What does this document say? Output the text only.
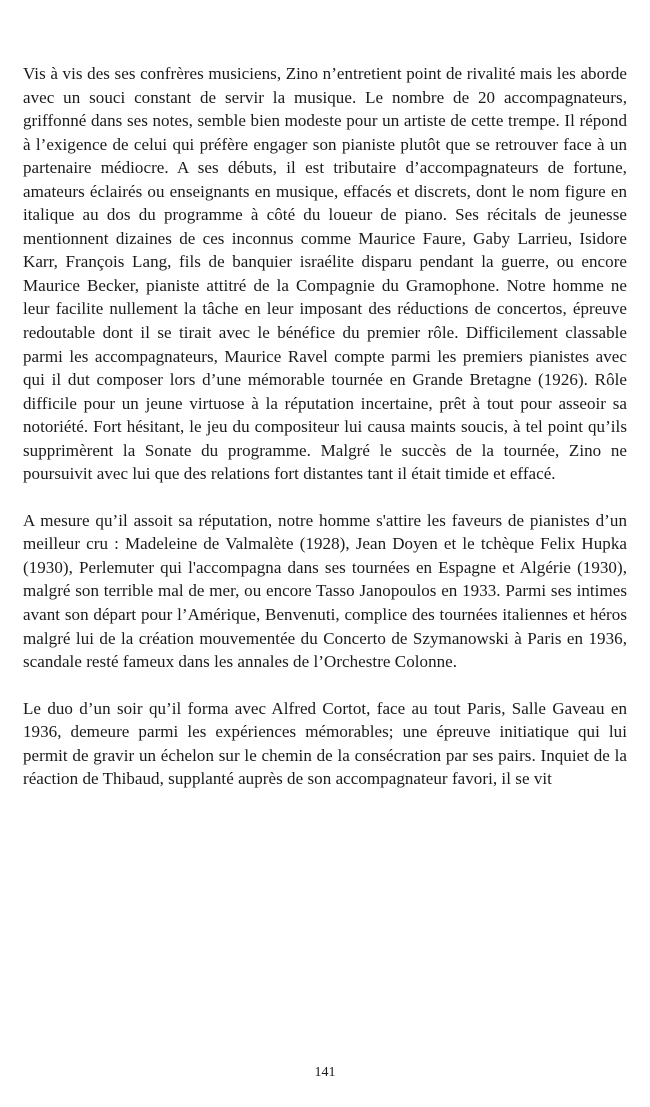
Vis à vis des ses confrères musiciens, Zino n’entretient point de rivalité mais les aborde avec un souci constant de servir la musique. Le nombre de 20 accompagnateurs, griffonné dans ses notes, semble bien modeste pour un artiste de cette trempe. Il répond à l’exigence de celui qui préfère engager son pianiste plutôt que se retrouver face à un partenaire médiocre. A ses débuts, il est tributaire d’accompagnateurs de fortune, amateurs éclairés ou enseignants en musique, effacés et discrets, dont le nom figure en italique au dos du programme à côté du loueur de piano. Ses récitals de jeunesse mentionnent dizaines de ces inconnus comme Maurice Faure, Gaby Larrieu, Isidore Karr, François Lang, fils de banquier israélite disparu pendant la guerre, ou encore Maurice Becker, pianiste attitré de la Compagnie du Gramophone. Notre homme ne leur facilite nullement la tâche en leur imposant des réductions de concertos, épreuve redoutable dont il se tirait avec le bénéfice du premier rôle. Difficilement classable parmi les accompagnateurs, Maurice Ravel compte parmi les premiers pianistes avec qui il dut composer lors d’une mémorable tournée en Grande Bretagne (1926). Rôle difficile pour un jeune virtuose à la réputation incertaine, prêt à tout pour asseoir sa notoriété. Fort hésitant, le jeu du compositeur lui causa maints soucis, à tel point qu’ils supprimèrent la Sonate du programme. Malgré le succès de la tournée, Zino ne poursuivit avec lui que des relations fort distantes tant il était timide et effacé.

A mesure qu’il assoit sa réputation, notre homme s'attire les faveurs de pianistes d’un meilleur cru : Madeleine de Valmalète (1928), Jean Doyen et le tchèque Felix Hupka (1930), Perlemuter qui l'accompagna dans ses tournées en Espagne et Algérie (1930), malgré son terrible mal de mer, ou encore Tasso Janopoulos en 1933. Parmi ses intimes avant son départ pour l’Amérique, Benvenuti, complice des tournées italiennes et héros malgré lui de la création mouvementée du Concerto de Szymanowski à Paris en 1936, scandale resté fameux dans les annales de l’Orchestre Colonne.

Le duo d’un soir qu’il forma avec Alfred Cortot, face au tout Paris, Salle Gaveau en 1936, demeure parmi les expériences mémorables; une épreuve initiatique qui lui permit de gravir un échelon sur le chemin de la consécration par ses pairs. Inquiet de la réaction de Thibaud, supplanté auprès de son accompagnateur favori, il se vit

141
